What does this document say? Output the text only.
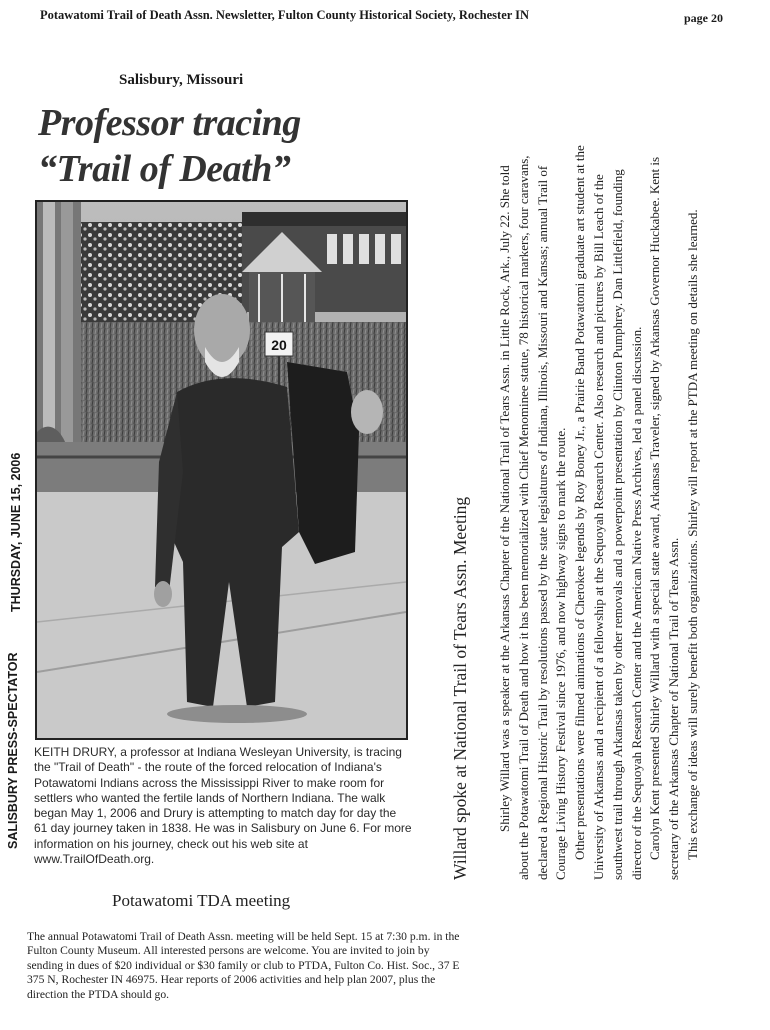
Potawatomi Trail of Death Assn. Newsletter, Fulton County Historical Society, Rochester IN	page 20
Salisbury, Missouri
Professor tracing
“Trail of Death”
20
SALISBURY PRESS-SPECTATOR
THURSDAY, JUNE 15, 2006
KEITH DRURY, a professor at Indiana Wesleyan University, is tracing the "Trail of Death" - the route of the forced relocation of Indiana's Potawatomi Indians across the Mississippi River to make room for settlers who wanted the fertile lands of Northern Indiana. The walk began May 1, 2006 and Drury is attempting to match day for day the 61 day journey taken in 1838. He was in Salisbury on June 6. For more information on his journey, check out his web site at www.TrailOfDeath.org.
Potawatomi TDA meeting
The annual Potawatomi Trail of Death Assn. meeting will be held Sept. 15 at 7:30 p.m. in the Fulton County Museum. All interested persons are welcome. You are invited to join by sending in dues of $20 individual or $30 family or club to PTDA, Fulton Co. Hist. Soc., 37 E 375 N, Rochester IN 46975. Hear reports of 2006 activities and help plan 2007, plus the direction the PTDA should go.
Willard spoke at National Trail of Tears Assn. Meeting	Shirley Willard was a speaker at the Arkansas Chapter of the National Trail of Tears Assn. in Little Rock, Ark., July 22. She told about the Potawatomi Trail of Death and how it has been memorialized with Chief Menominee statue, 78 historical markers, four caravans, declared a Regional Historic Trail by resolutions passed by the state legislatures of Indiana, Illinois, Missouri and Kansas; annual Trail of Courage Living History Festival since 1976, and now highway signs to mark the route. Other presentations were filmed animations of Cherokee legends by Roy Boney Jr., a Prairie Band Potawatomi graduate art student at the University of Arkansas and a recipient of a fellowship at the Sequoyah Research Center. Also research and pictures by Bill Leach of the southwest trail through Arkansas taken by other removals and a powerpoint presentation by Clinton Pumphrey. Dan Littlefield, founding director of the Sequoyah Research Center and the American Native Press Archives, led a panel discussion. Carolyn Kent presented Shirley Willard with a special state award, Arkansas Traveler, signed by Arkansas Governor Huckabee. Kent is secretary of the Arkansas Chapter of National Trail of Tears Assn. This exchange of ideas will surely benefit both organizations. Shirley will report at the PTDA meeting on details she learned.
